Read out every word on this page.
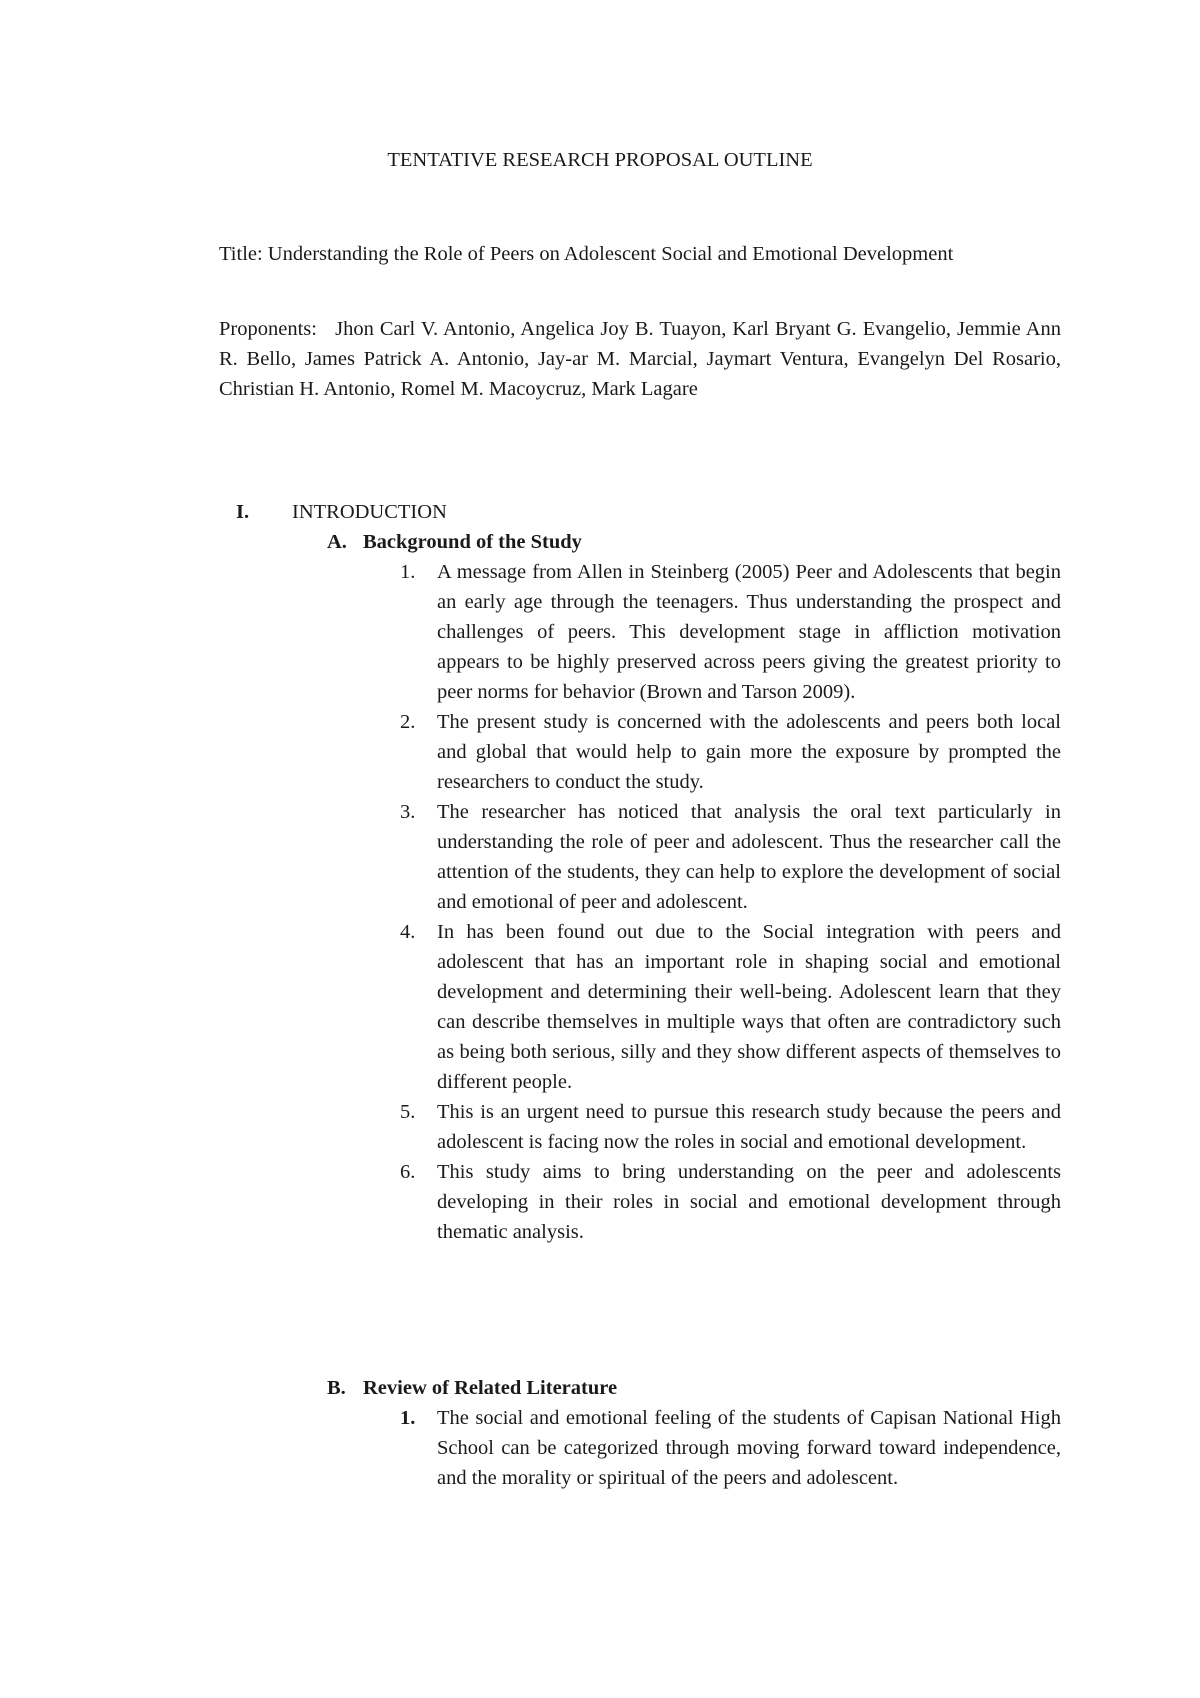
TENTATIVE RESEARCH PROPOSAL OUTLINE
Title: Understanding the Role of Peers on Adolescent Social and Emotional Development
Proponents:   Jhon Carl V. Antonio, Angelica Joy B. Tuayon, Karl Bryant G. Evangelio, Jemmie Ann R. Bello, James Patrick A. Antonio, Jay-ar M. Marcial, Jaymart Ventura, Evangelyn Del Rosario, Christian H. Antonio, Romel M. Macoycruz, Mark Lagare
I. INTRODUCTION
A. Background of the Study
1. A message from Allen in Steinberg (2005) Peer and Adolescents that begin an early age through the teenagers. Thus understanding the prospect and challenges of peers. This development stage in affliction motivation appears to be highly preserved across peers giving the greatest priority to peer norms for behavior (Brown and Tarson 2009).
2. The present study is concerned with the adolescents and peers both local and global that would help to gain more the exposure by prompted the researchers to conduct the study.
3. The researcher has noticed that analysis the oral text particularly in understanding the role of peer and adolescent. Thus the researcher call the attention of the students, they can help to explore the development of social and emotional of peer and adolescent.
4. In has been found out due to the Social integration with peers and adolescent that has an important role in shaping social and emotional development and determining their well-being. Adolescent learn that they can describe themselves in multiple ways that often are contradictory such as being both serious, silly and they show different aspects of themselves to different people.
5. This is an urgent need to pursue this research study because the peers and adolescent is facing now the roles in social and emotional development.
6. This study aims to bring understanding on the peer and adolescents developing in their roles in social and emotional development through thematic analysis.
B. Review of Related Literature
1. The social and emotional feeling of the students of Capisan National High School can be categorized through moving forward toward independence, and the morality or spiritual of the peers and adolescent.
